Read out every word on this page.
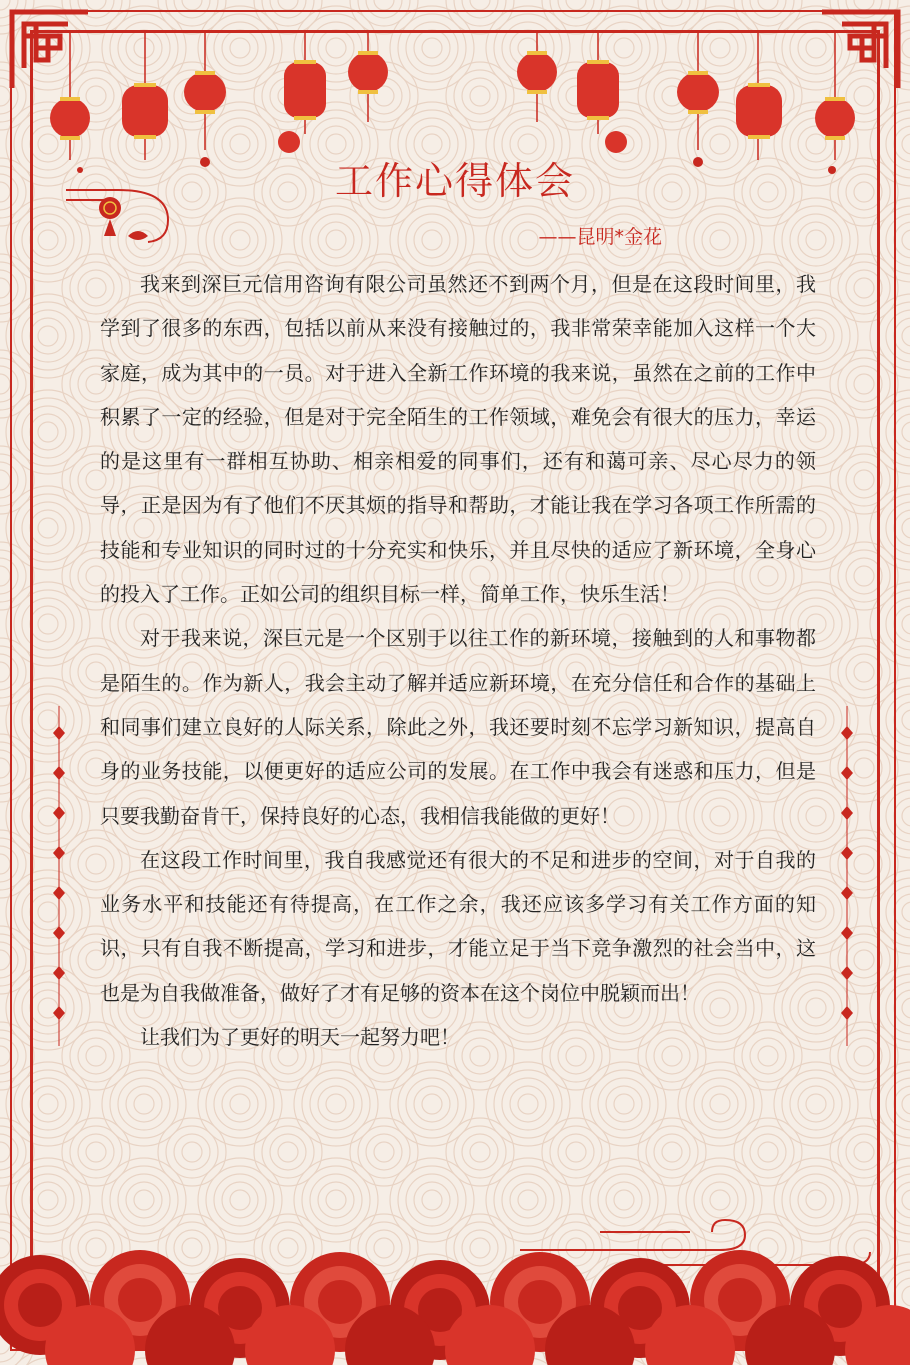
工作心得体会
——昆明*金花

我来到深巨元信用咨询有限公司虽然还不到两个月，但是在这段时间里，我学到了很多的东西，包括以前从来没有接触过的，我非常荣幸能加入这样一个大家庭，成为其中的一员。对于进入全新工作环境的我来说，虽然在之前的工作中积累了一定的经验，但是对于完全陌生的工作领域，难免会有很大的压力，幸运的是这里有一群相互协助、相亲相爱的同事们，还有和蔼可亲、尽心尽力的领导，正是因为有了他们不厌其烦的指导和帮助，才能让我在学习各项工作所需的技能和专业知识的同时过的十分充实和快乐，并且尽快的适应了新环境，全身心的投入了工作。正如公司的组织目标一样，简单工作，快乐生活！

对于我来说，深巨元是一个区别于以往工作的新环境，接触到的人和事物都是陌生的。作为新人，我会主动了解并适应新环境，在充分信任和合作的基础上和同事们建立良好的人际关系，除此之外，我还要时刻不忘学习新知识，提高自身的业务技能，以便更好的适应公司的发展。在工作中我会有迷惑和压力，但是只要我勤奋肯干，保持良好的心态，我相信我能做的更好！

在这段工作时间里，我自我感觉还有很大的不足和进步的空间，对于自我的业务水平和技能还有待提高，在工作之余，我还应该多学习有关工作方面的知识，只有自我不断提高，学习和进步，才能立足于当下竞争激烈的社会当中，这也是为自我做准备，做好了才有足够的资本在这个岗位中脱颖而出！

让我们为了更好的明天一起努力吧！
